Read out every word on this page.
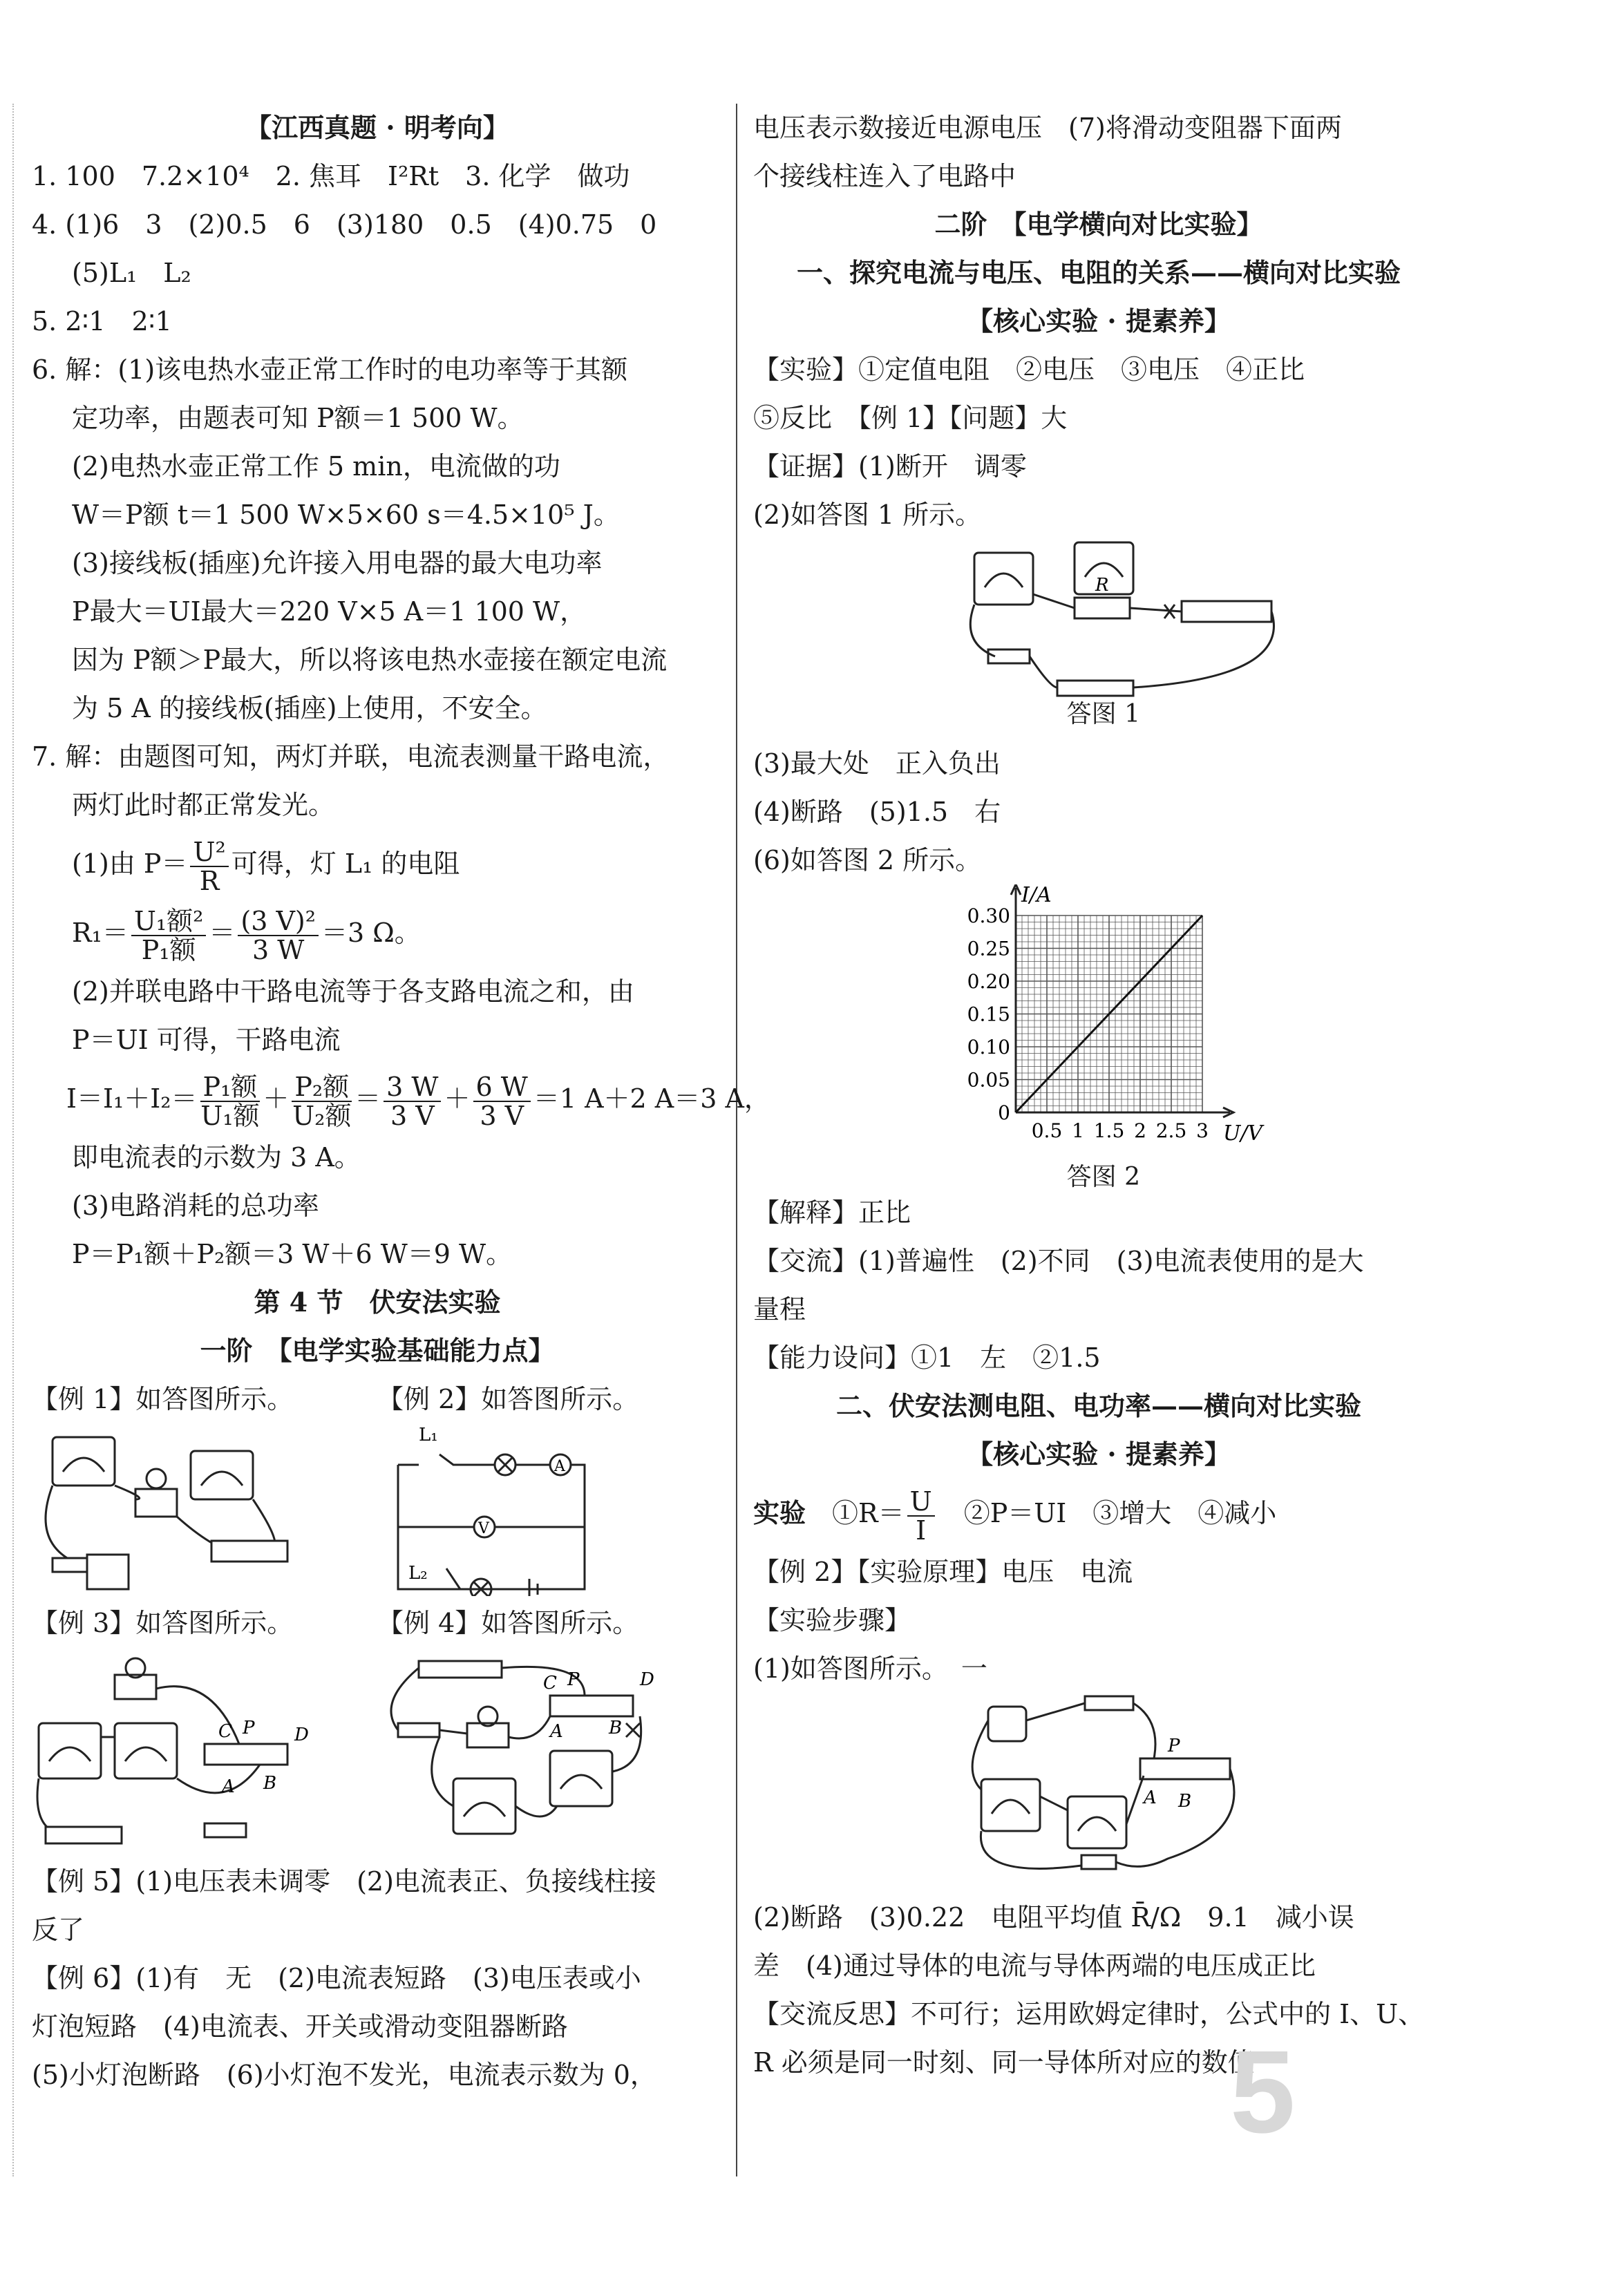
【江西真题 · 明考向】
1. 100　7.2×10⁴　2. 焦耳　I²Rt　3. 化学　做功
4. (1)6　3　(2)0.5　6　(3)180　0.5　(4)0.75　0
(5)L₁　L₂
5. 2∶1　2∶1
6. 解：(1)该电热水壶正常工作时的电功率等于其额
定功率，由题表可知 P额＝1 500 W。
(2)电热水壶正常工作 5 min，电流做的功
W＝P额 t＝1 500 W×5×60 s＝4.5×10⁵ J。
(3)接线板(插座)允许接入用电器的最大电功率
P最大＝UI最大＝220 V×5 A＝1 100 W，
因为 P额＞P最大，所以将该电热水壶接在额定电流
为 5 A 的接线板(插座)上使用，不安全。
7. 解：由题图可知，两灯并联，电流表测量干路电流，
两灯此时都正常发光。
(1)由 $P= \frac{\text{U²}}{R}$ 可得，灯 L₁ 的电阻
$R_1= \frac{\text{U₁额²}}{\text{P₁额}} = \frac{\text{(3 V)²}}{3 W} =3$ Ω。
(2)并联电路中干路电流等于各支路电流之和，由
P＝UI 可得，干路电流
$I=I_1+I_2= \frac{\text{P₁额}}{\text{U₁额}} + \frac{\text{P₂额}}{\text{U₂额}} = \frac{3 W}{3 V} + \frac{6 W}{3 V} =1$ A＋2 A＝3 A，
即电流表的示数为 3 A。
(3)电路消耗的总功率
P＝P₁额＋P₂额＝3 W＋6 W＝9 W。
第 4 节　伏安法实验
一阶　【电学实验基础能力点】
【例 1】如答图所示。	【例 2】如答图所示。
L₁
L₂
A
V
【例 3】如答图所示。
C P D
A B
【例 4】如答图所示。
C P	D
A	B
【例 5】(1)电压表未调零　(2)电流表正、负接线柱接
反了
【例 6】(1)有　无　(2)电流表短路　(3)电压表或小
灯泡短路　(4)电流表、开关或滑动变阻器断路
(5)小灯泡断路　(6)小灯泡不发光，电流表示数为 0，
电压表示数接近电源电压　(7)将滑动变阻器下面两
个接线柱连入了电路中
二阶　【电学横向对比实验】
一、探究电流与电压、电阻的关系——横向对比实验
【核心实验 · 提素养】
【实验】①定值电阻　②电压　③电压　④正比
⑤反比　【例 1】【问题】大
【证据】(1)断开　调零
(2)如答图 1 所示。
R
答图 1
(3)最大处　正入负出
(4)断路　(5)1.5　右
(6)如答图 2 所示。
0.5 1 1.5 2 2.5 3
0.30
0.25
0.20
0.15
0.10
0.05
0
U/V
I/A
答图 2
【解释】正比
【交流】(1)普遍性　(2)不同　(3)电流表使用的是大
量程
【能力设问】①1　左　②1.5
二、伏安法测电阻、电功率——横向对比实验
【核心实验 · 提素养】
实验　 ①R＝ $\frac{U}{I}$
　 ②P＝UI　③增大　④减小
【例 2】【实验原理】电压　电流
【实验步骤】
(1)如答图所示。　一
P
A B
(2)断路　(3)0.22　电阻平均值 R̄/Ω　9.1　减小误
差　(4)通过导体的电流与导体两端的电压成正比
【交流反思】不可行；运用欧姆定律时，公式中的 I、U、
R 必须是同一时刻、同一导体所对应的数值
5
